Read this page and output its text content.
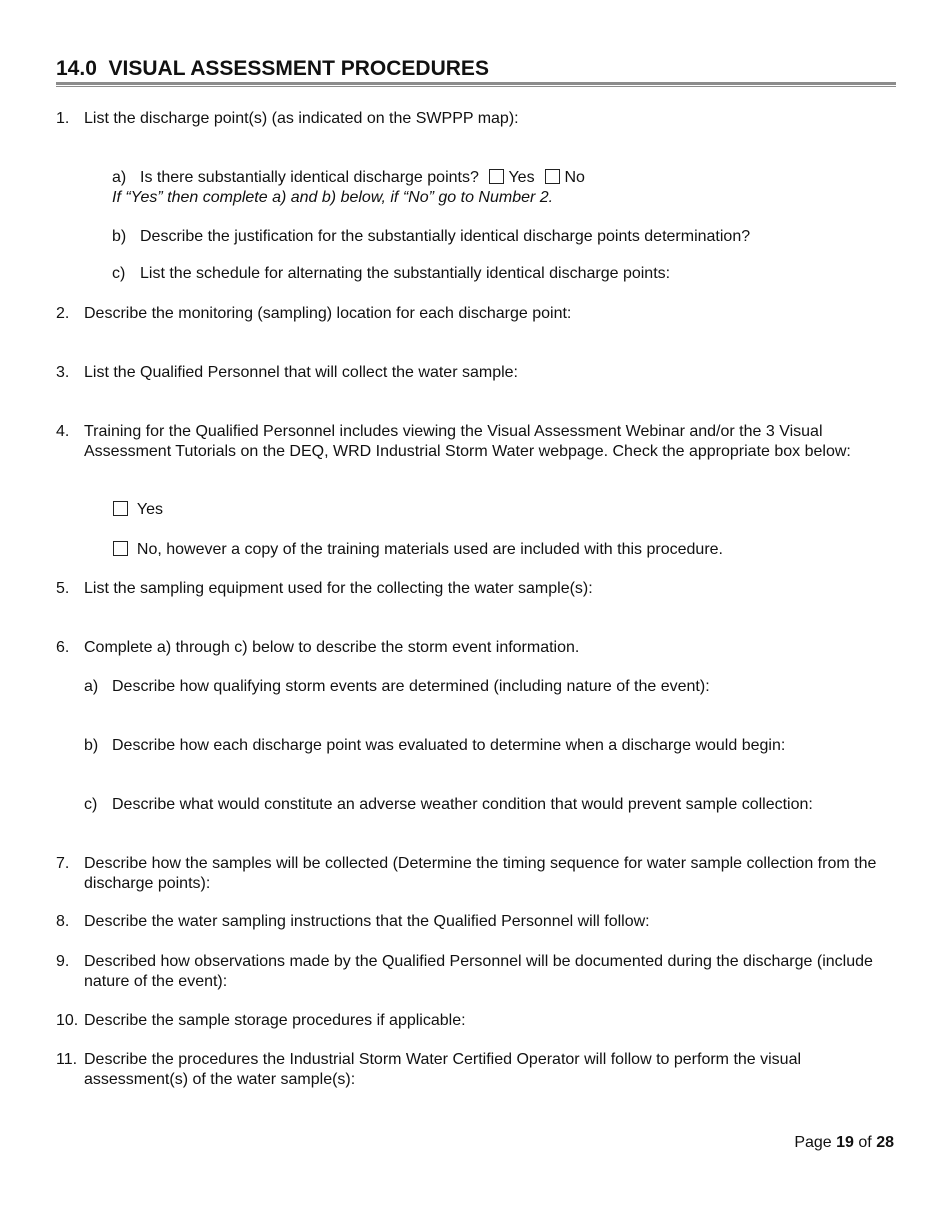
14.0 VISUAL ASSESSMENT PROCEDURES
1. List the discharge point(s) (as indicated on the SWPPP map):
a) Is there substantially identical discharge points? Yes No
If “Yes” then complete a) and b) below, if “No” go to Number 2.
b) Describe the justification for the substantially identical discharge points determination?
c) List the schedule for alternating the substantially identical discharge points:
2. Describe the monitoring (sampling) location for each discharge point:
3. List the Qualified Personnel that will collect the water sample:
4. Training for the Qualified Personnel includes viewing the Visual Assessment Webinar and/or the 3 Visual Assessment Tutorials on the DEQ, WRD Industrial Storm Water webpage. Check the appropriate box below:
Yes
No, however a copy of the training materials used are included with this procedure.
5. List the sampling equipment used for the collecting the water sample(s):
6. Complete a) through c) below to describe the storm event information.
a) Describe how qualifying storm events are determined (including nature of the event):
b) Describe how each discharge point was evaluated to determine when a discharge would begin:
c) Describe what would constitute an adverse weather condition that would prevent sample collection:
7. Describe how the samples will be collected (Determine the timing sequence for water sample collection from the discharge points):
8. Describe the water sampling instructions that the Qualified Personnel will follow:
9. Described how observations made by the Qualified Personnel will be documented during the discharge (include nature of the event):
10. Describe the sample storage procedures if applicable:
11. Describe the procedures the Industrial Storm Water Certified Operator will follow to perform the visual assessment(s) of the water sample(s):
Page 19 of 28
